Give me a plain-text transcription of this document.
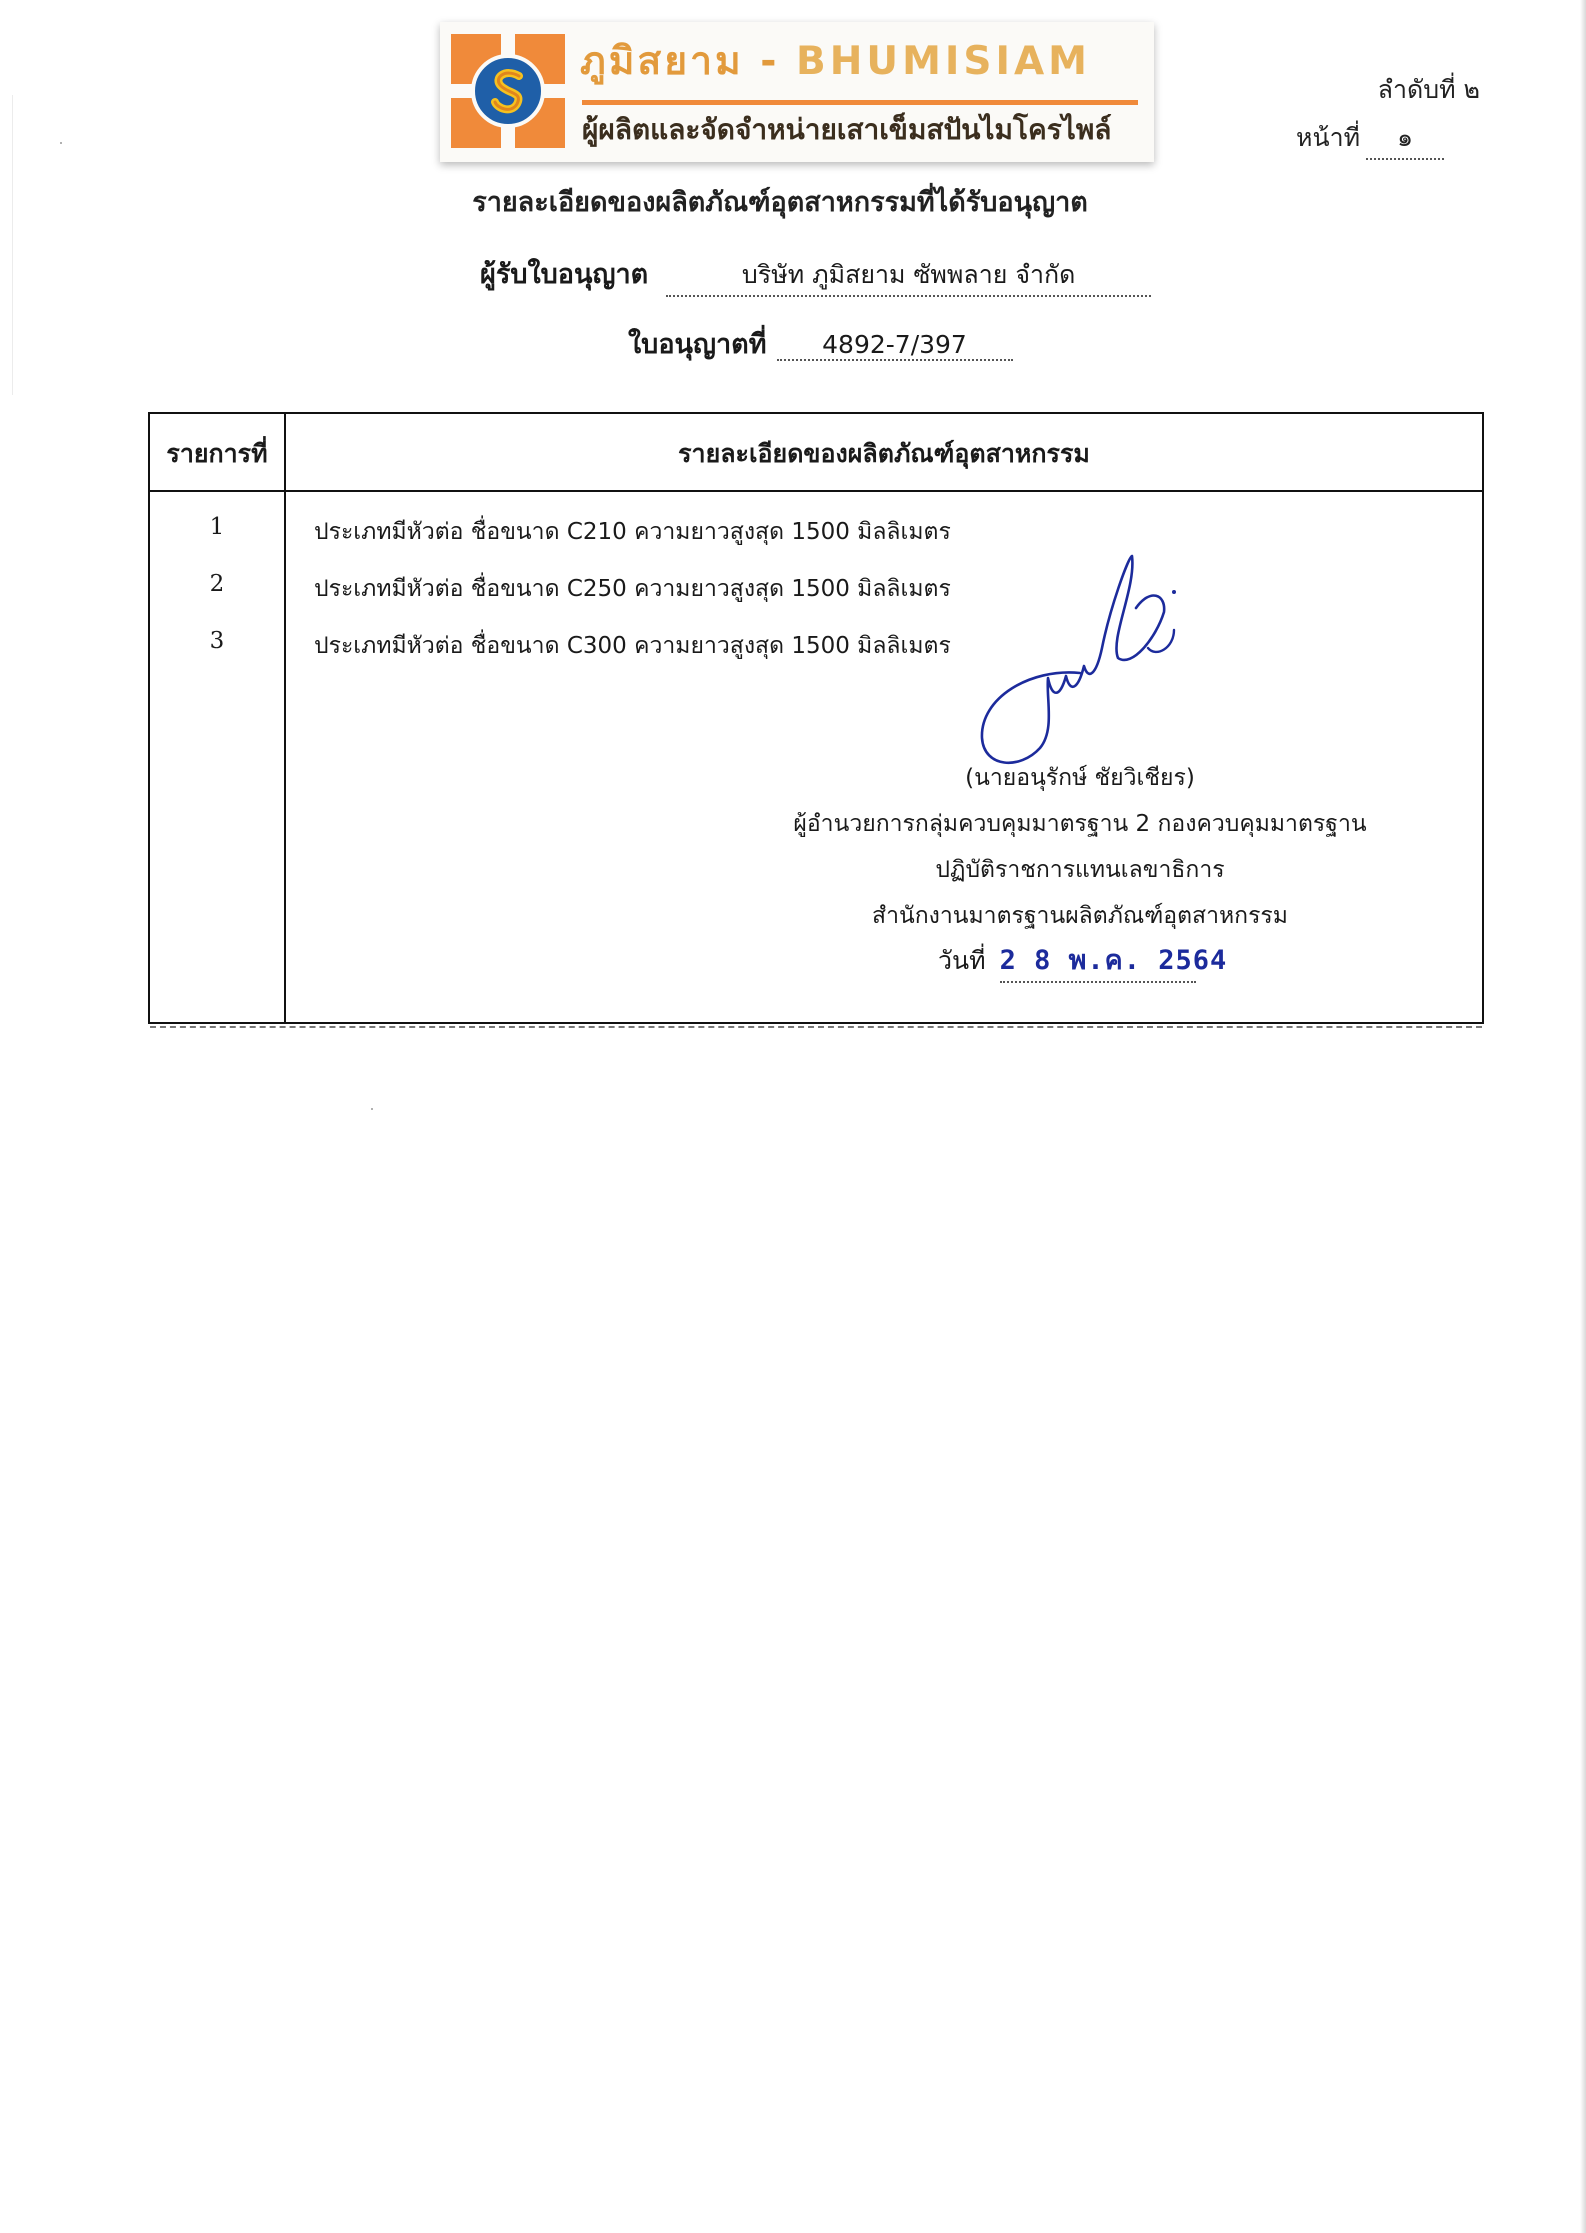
ภูมิสยาม - BHUMISIAM
ผู้ผลิตและจัดจำหน่ายเสาเข็มสปันไมโครไพล์
ลำดับที่ ๒
หน้าที่ ๑
รายละเอียดของผลิตภัณฑ์อุตสาหกรรมที่ได้รับอนุญาต
ผู้รับใบอนุญาต	บริษัท ภูมิสยาม ซัพพลาย จำกัด
ใบอนุญาตที่ 4892-7/397
รายการที่	รายละเอียดของผลิตภัณฑ์อุตสาหกรรม
1	ประเภทมีหัวต่อ ชื่อขนาด C210 ความยาวสูงสุด 1500 มิลลิเมตร
2	ประเภทมีหัวต่อ ชื่อขนาด C250 ความยาวสูงสุด 1500 มิลลิเมตร
3	ประเภทมีหัวต่อ ชื่อขนาด C300 ความยาวสูงสุด 1500 มิลลิเมตร
(นายอนุรักษ์ ชัยวิเชียร)
ผู้อำนวยการกลุ่มควบคุมมาตรฐาน 2 กองควบคุมมาตรฐาน
ปฏิบัติราชการแทนเลขาธิการ
สำนักงานมาตรฐานผลิตภัณฑ์อุตสาหกรรม
วันที่ 2 8 พ.ค. 2564
